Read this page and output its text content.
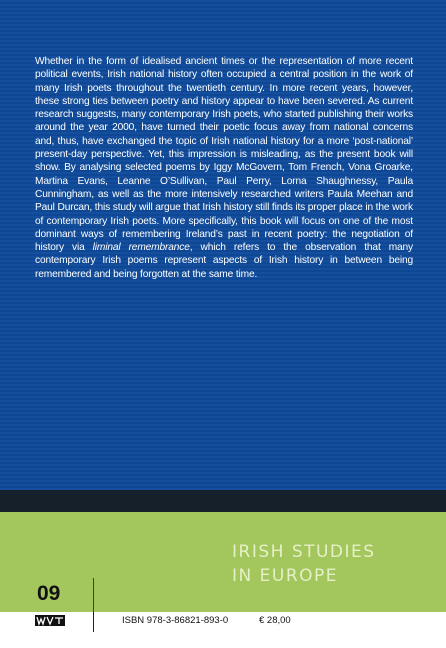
Whether in the form of idealised ancient times or the representation of more recent political events, Irish national history often occupied a central position in the work of many Irish poets throughout the twentieth century. In more recent years, however, these strong ties between poetry and history appear to have been severed. As current research suggests, many contemporary Irish poets, who started publishing their works around the year 2000, have turned their poetic focus away from national concerns and, thus, have exchanged the topic of Irish national history for a more ‘post-national’ present-day perspective. Yet, this impression is misleading, as the present book will show. By analysing selected poems by Iggy McGovern, Tom French, Vona Groarke, Martina Evans, Leanne O’Sullivan, Paul Perry, Lorna Shaughnessy, Paula Cunningham, as well as the more intensively researched writers Paula Meehan and Paul Durcan, this study will argue that Irish history still finds its proper place in the work of contemporary Irish poets. More specifically, this book will focus on one of the most dominant ways of remembering Ireland’s past in recent poetry: the negotiation of history via liminal remembrance, which refers to the observation that many contemporary Irish poems represent aspects of Irish history in between being remembered and being forgotten at the same time.

IRISH STUDIES
IN EUROPE
09
ISBN 978-3-86821-893-0	€ 28,00
